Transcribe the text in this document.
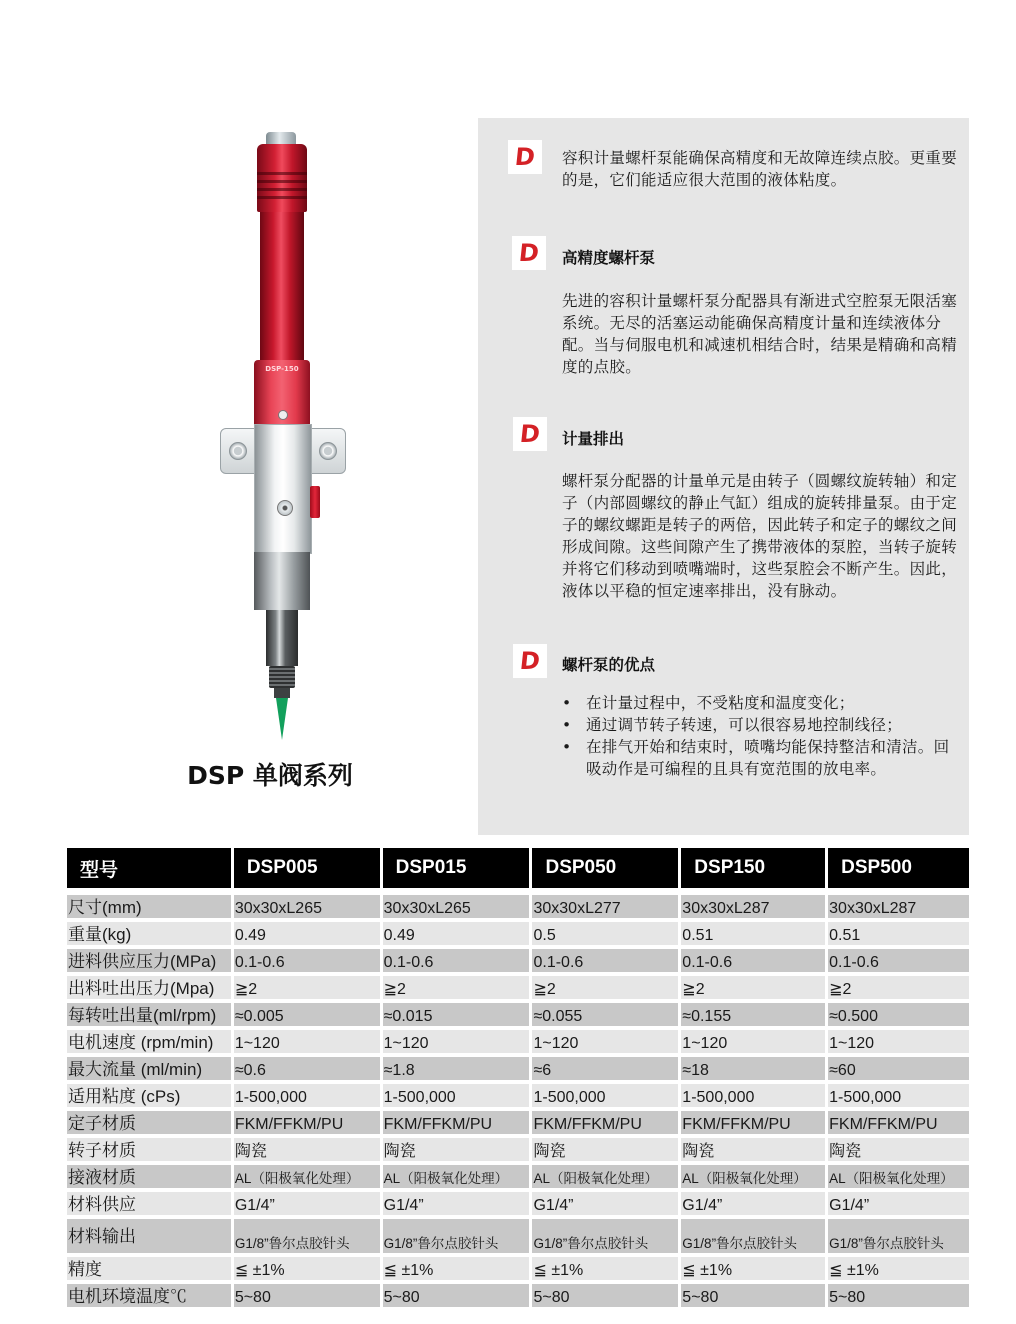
DSP-150
DSP 单阀系列
D 容积计量螺杆泵能确保高精度和无故障连续点胶。更重要的是，它们能适应很大范围的液体粘度。
D 高精度螺杆泵
先进的容积计量螺杆泵分配器具有渐进式空腔泵无限活塞系统。无尽的活塞运动能确保高精度计量和连续液体分配。当与伺服电机和减速机相结合时，结果是精确和高精度的点胶。
D 计量排出
螺杆泵分配器的计量单元是由转子（圆螺纹旋转轴）和定子（内部圆螺纹的静止气缸）组成的旋转排量泵。由于定子的螺纹螺距是转子的两倍，因此转子和定子的螺纹之间形成间隙。这些间隙产生了携带液体的泵腔，当转子旋转并将它们移动到喷嘴端时，这些泵腔会不断产生。因此，液体以平稳的恒定速率排出，没有脉动。
D 螺杆泵的优点
• 在计量过程中，不受粘度和温度变化；
• 通过调节转子转速，可以很容易地控制线径；
• 在排气开始和结束时，喷嘴均能保持整洁和清洁。回吸动作是可编程的且具有宽范围的放电率。
型号	DSP005	DSP015	DSP050	DSP150	DSP500
尺寸(mm)	30x30xL265	30x30xL265	30x30xL277	30x30xL287	30x30xL287
重量(kg)	0.49	0.49	0.5	0.51	0.51
进料供应压力(MPa)	0.1-0.6	0.1-0.6	0.1-0.6	0.1-0.6	0.1-0.6
出料吐出压力(Mpa)	≧2	≧2	≧2	≧2	≧2
每转吐出量(ml/rpm)	≈0.005	≈0.015	≈0.055	≈0.155	≈0.500
电机速度 (rpm/min)	1~120	1~120	1~120	1~120	1~120
最大流量 (ml/min)	≈0.6	≈1.8	≈6	≈18	≈60
适用粘度 (cPs)	1-500,000	1-500,000	1-500,000	1-500,000	1-500,000
定子材质	FKM/FFKM/PU	FKM/FFKM/PU	FKM/FFKM/PU	FKM/FFKM/PU	FKM/FFKM/PU
转子材质	陶瓷	陶瓷	陶瓷	陶瓷	陶瓷
接液材质	AL（阳极氧化处理）	AL（阳极氧化处理）	AL（阳极氧化处理）	AL（阳极氧化处理）	AL（阳极氧化处理）
材料供应	G1/4”	G1/4”	G1/4”	G1/4”	G1/4”
材料输出	G1/8”鲁尔点胶针头	G1/8”鲁尔点胶针头	G1/8”鲁尔点胶针头	G1/8”鲁尔点胶针头	G1/8”鲁尔点胶针头
精度	≦ ±1%	≦ ±1%	≦ ±1%	≦ ±1%	≦ ±1%
电机环境温度℃	5~80	5~80	5~80	5~80	5~80
